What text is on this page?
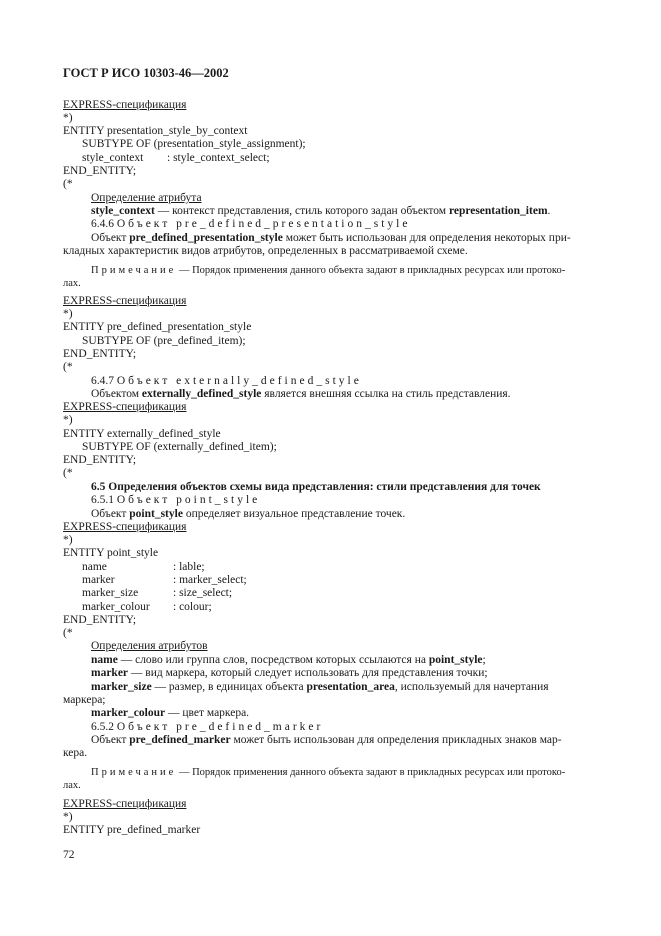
ГОСТ Р ИСО 10303-46—2002
EXPRESS-спецификация
*)
ENTITY presentation_style_by_context
SUBTYPE OF (presentation_style_assignment);
style_context : style_context_select;
END_ENTITY;
(*
Определение атрибута
style_context — контекст представления, стиль которого задан объектом representation_item.
6.4.6 Объект pre_defined_presentation_style
Объект pre_defined_presentation_style может быть использован для определения некоторых при-
кладных характеристик видов атрибутов, определенных в рассматриваемой схеме.
Примечание — Порядок применения данного объекта задают в прикладных ресурсах или протоко-
лах.
EXPRESS-спецификация
*)
ENTITY pre_defined_presentation_style
SUBTYPE OF (pre_defined_item);
END_ENTITY;
(*
6.4.7 Объект externally_defined_style
Объектом externally_defined_style является внешняя ссылка на стиль представления.
EXPRESS-спецификация
*)
ENTITY externally_defined_style
SUBTYPE OF (externally_defined_item);
END_ENTITY;
(*
6.5 Определения объектов схемы вида представления: стили представления для точек
6.5.1 Объект point_style
Объект point_style определяет визуальное представление точек.
EXPRESS-спецификация
*)
ENTITY point_style
name	: lable;
marker	: marker_select;
marker_size	: size_select;
marker_colour : colour;
END_ENTITY;
(*
Определения атрибутов
name — слово или группа слов, посредством которых ссылаются на point_style;
marker — вид маркера, который следует использовать для представления точки;
marker_size — размер, в единицах объекта presentation_area, используемый для начертания
маркера;
marker_colour — цвет маркера.
6.5.2 Объект pre_defined_marker
Объект pre_defined_marker может быть использован для определения прикладных знаков мар-
кера.
Примечание — Порядок применения данного объекта задают в прикладных ресурсах или протоко-
лах.
EXPRESS-спецификация
*)
ENTITY pre_defined_marker
72
